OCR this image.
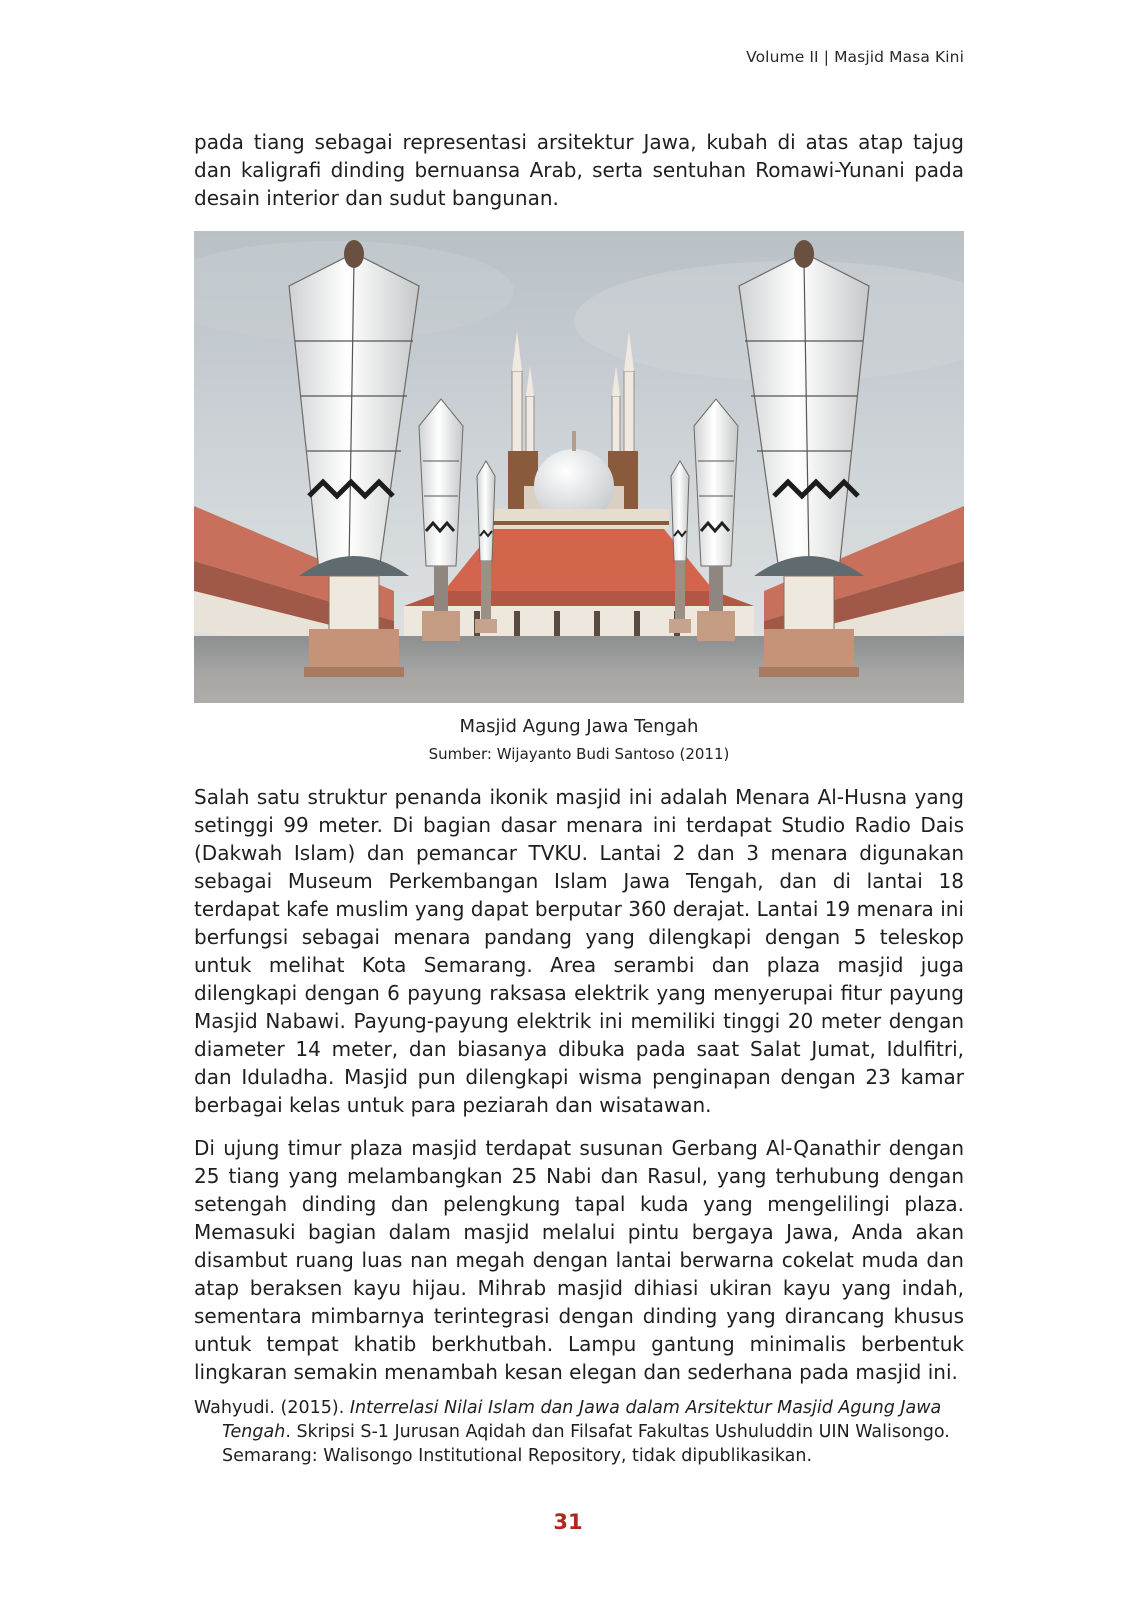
Volume II | Masjid Masa Kini

pada tiang sebagai representasi arsitektur Jawa, kubah di atas atap tajug dan kaligrafi dinding bernuansa Arab, serta sentuhan Romawi-Yunani pada desain interior dan sudut bangunan.

Masjid Agung Jawa Tengah
Sumber: Wijayanto Budi Santoso (2011)

Salah satu struktur penanda ikonik masjid ini adalah Menara Al-Husna yang setinggi 99 meter. Di bagian dasar menara ini terdapat Studio Radio Dais (Dakwah Islam) dan pemancar TVKU. Lantai 2 dan 3 menara digunakan sebagai Museum Perkembangan Islam Jawa Tengah, dan di lantai 18 terdapat kafe muslim yang dapat berputar 360 derajat. Lantai 19 menara ini berfungsi sebagai menara pandang yang dilengkapi dengan 5 teleskop untuk melihat Kota Semarang. Area serambi dan plaza masjid juga dilengkapi dengan 6 payung raksasa elektrik yang menyerupai fitur payung Masjid Nabawi. Payung-payung elektrik ini memiliki tinggi 20 meter dengan diameter 14 meter, dan biasanya dibuka pada saat Salat Jumat, Idulfitri, dan Iduladha. Masjid pun dilengkapi wisma penginapan dengan 23 kamar berbagai kelas untuk para peziarah dan wisatawan.

Di ujung timur plaza masjid terdapat susunan Gerbang Al-Qanathir dengan 25 tiang yang melambangkan 25 Nabi dan Rasul, yang terhubung dengan setengah dinding dan pelengkung tapal kuda yang mengelilingi plaza. Memasuki bagian dalam masjid melalui pintu bergaya Jawa, Anda akan disambut ruang luas nan megah dengan lantai berwarna cokelat muda dan atap beraksen kayu hijau. Mihrab masjid dihiasi ukiran kayu yang indah, sementara mimbarnya terintegrasi dengan dinding yang dirancang khusus untuk tempat khatib berkhutbah. Lampu gantung minimalis berbentuk lingkaran semakin menambah kesan elegan dan sederhana pada masjid ini.

Wahyudi. (2015). Interrelasi Nilai Islam dan Jawa dalam Arsitektur Masjid Agung Jawa Tengah. Skripsi S-1 Jurusan Aqidah dan Filsafat Fakultas Ushuluddin UIN Walisongo. Semarang: Walisongo Institutional Repository, tidak dipublikasikan.
31
